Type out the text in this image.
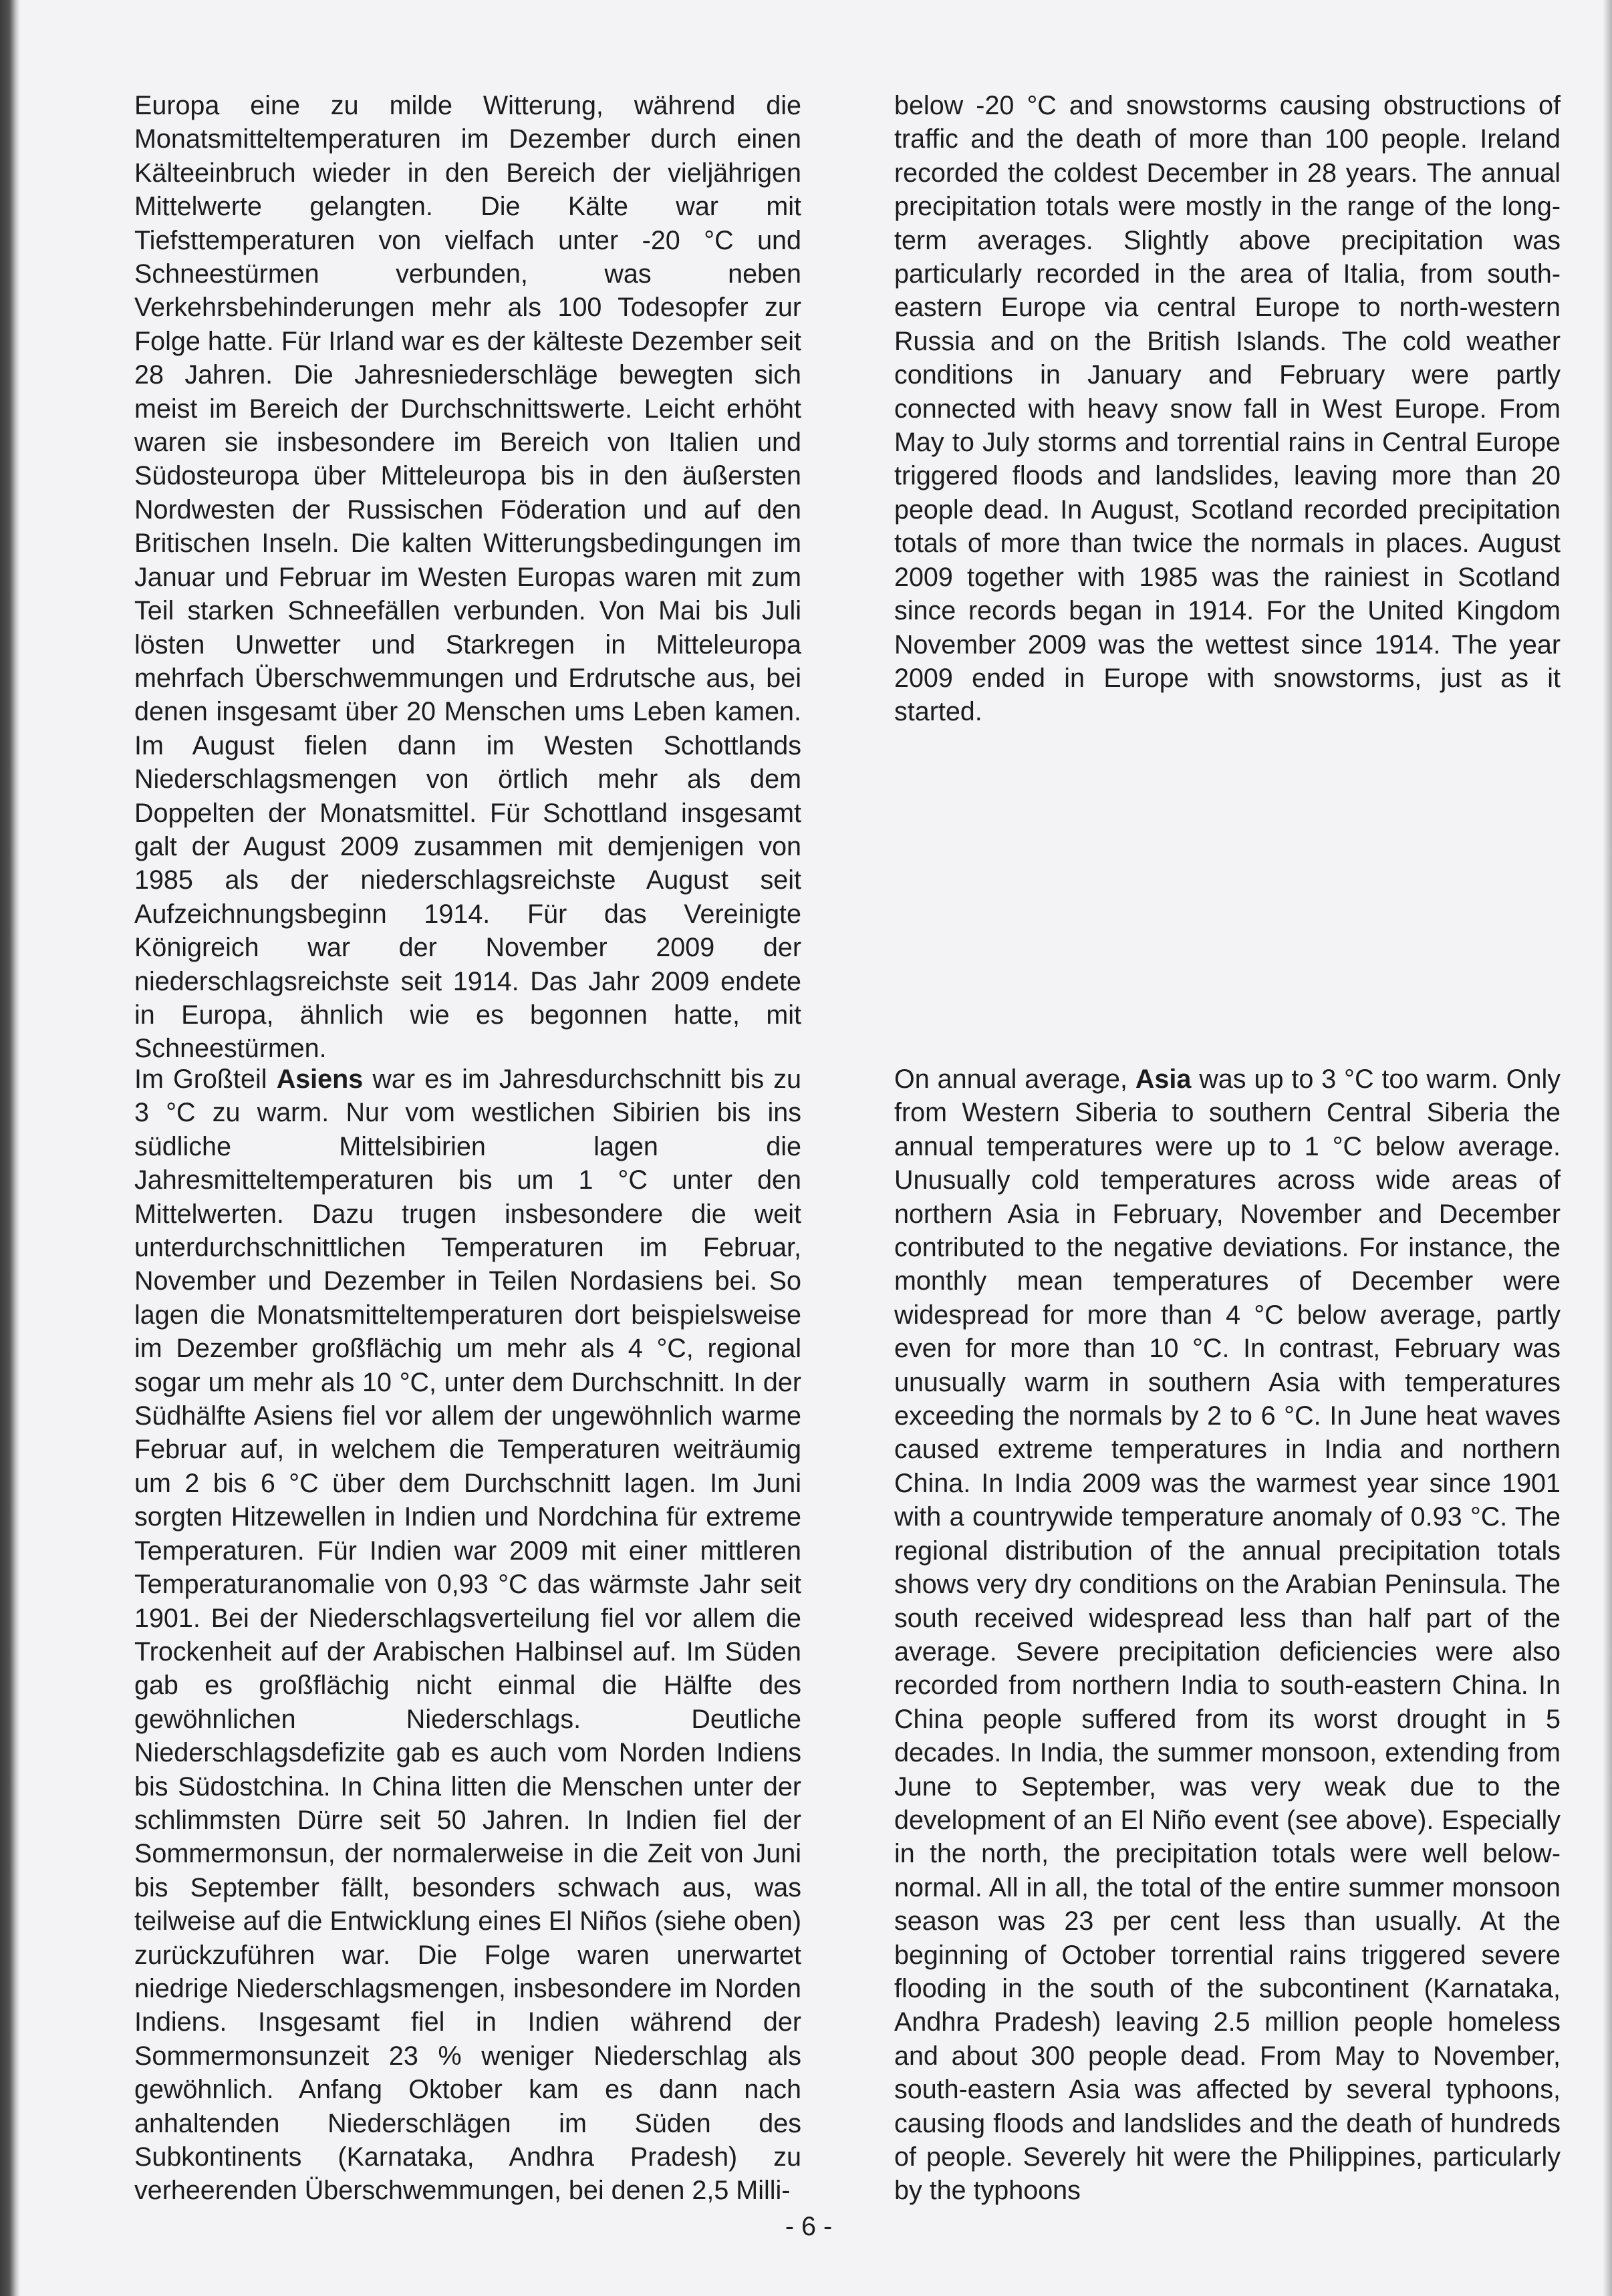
Europa eine zu milde Witterung, während die Monatsmitteltemperaturen im Dezember durch einen Kälteeinbruch wieder in den Bereich der vieljährigen Mittelwerte gelangten. Die Kälte war mit Tiefsttemperaturen von vielfach unter -20 °C und Schneestürmen verbunden, was neben Verkehrsbehinderungen mehr als 100 Todesopfer zur Folge hatte. Für Irland war es der kälteste Dezember seit 28 Jahren. Die Jahresniederschläge bewegten sich meist im Bereich der Durchschnittswerte. Leicht erhöht waren sie insbesondere im Bereich von Italien und Südosteuropa über Mitteleuropa bis in den äußersten Nordwesten der Russischen Föderation und auf den Britischen Inseln. Die kalten Witterungsbedingungen im Januar und Februar im Westen Europas waren mit zum Teil starken Schneefällen verbunden. Von Mai bis Juli lösten Unwetter und Starkregen in Mitteleuropa mehrfach Überschwemmungen und Erdrutsche aus, bei denen insgesamt über 20 Menschen ums Leben kamen. Im August fielen dann im Westen Schottlands Niederschlagsmengen von örtlich mehr als dem Doppelten der Monatsmittel. Für Schottland insgesamt galt der August 2009 zusammen mit demjenigen von 1985 als der niederschlagsreichste August seit Aufzeichnungsbeginn 1914. Für das Vereinigte Königreich war der November 2009 der niederschlagsreichste seit 1914. Das Jahr 2009 endete in Europa, ähnlich wie es begonnen hatte, mit Schneestürmen.

below -20 °C and snowstorms causing obstructions of traffic and the death of more than 100 people. Ireland recorded the coldest December in 28 years. The annual precipitation totals were mostly in the range of the long-term averages. Slightly above precipitation was particularly recorded in the area of Italia, from south-eastern Europe via central Europe to north-western Russia and on the British Islands. The cold weather conditions in January and February were partly connected with heavy snow fall in West Europe. From May to July storms and torrential rains in Central Europe triggered floods and landslides, leaving more than 20 people dead. In August, Scotland recorded precipitation totals of more than twice the normals in places. August 2009 together with 1985 was the rainiest in Scotland since records began in 1914. For the United Kingdom November 2009 was the wettest since 1914. The year 2009 ended in Europe with snowstorms, just as it started.

Im Großteil Asiens war es im Jahresdurchschnitt bis zu 3 °C zu warm. Nur vom westlichen Sibirien bis ins südliche Mittelsibirien lagen die Jahresmitteltemperaturen bis um 1 °C unter den Mittelwerten. Dazu trugen insbesondere die weit unterdurchschnittlichen Temperaturen im Februar, November und Dezember in Teilen Nordasiens bei. So lagen die Monatsmitteltemperaturen dort beispielsweise im Dezember großflächig um mehr als 4 °C, regional sogar um mehr als 10 °C, unter dem Durchschnitt. In der Südhälfte Asiens fiel vor allem der ungewöhnlich warme Februar auf, in welchem die Temperaturen weiträumig um 2 bis 6 °C über dem Durchschnitt lagen. Im Juni sorgten Hitzewellen in Indien und Nordchina für extreme Temperaturen. Für Indien war 2009 mit einer mittleren Temperaturanomalie von 0,93 °C das wärmste Jahr seit 1901. Bei der Niederschlagsverteilung fiel vor allem die Trockenheit auf der Arabischen Halbinsel auf. Im Süden gab es großflächig nicht einmal die Hälfte des gewöhnlichen Niederschlags. Deutliche Niederschlagsdefizite gab es auch vom Norden Indiens bis Südostchina. In China litten die Menschen unter der schlimmsten Dürre seit 50 Jahren. In Indien fiel der Sommermonsun, der normalerweise in die Zeit von Juni bis September fällt, besonders schwach aus, was teilweise auf die Entwicklung eines El Niños (siehe oben) zurückzuführen war. Die Folge waren unerwartet niedrige Niederschlagsmengen, insbesondere im Norden Indiens. Insgesamt fiel in Indien während der Sommermonsunzeit 23 % weniger Niederschlag als gewöhnlich. Anfang Oktober kam es dann nach anhaltenden Niederschlägen im Süden des Subkontinents (Karnataka, Andhra Pradesh) zu verheerenden Überschwemmungen, bei denen 2,5 Milli-

On annual average, Asia was up to 3 °C too warm. Only from Western Siberia to southern Central Siberia the annual temperatures were up to 1 °C below average. Unusually cold temperatures across wide areas of northern Asia in February, November and December contributed to the negative deviations. For instance, the monthly mean temperatures of December were widespread for more than 4 °C below average, partly even for more than 10 °C. In contrast, February was unusually warm in southern Asia with temperatures exceeding the normals by 2 to 6 °C. In June heat waves caused extreme temperatures in India and northern China. In India 2009 was the warmest year since 1901 with a countrywide temperature anomaly of 0.93 °C. The regional distribution of the annual precipitation totals shows very dry conditions on the Arabian Peninsula. The south received widespread less than half part of the average. Severe precipitation deficiencies were also recorded from northern India to south-eastern China. In China people suffered from its worst drought in 5 decades. In India, the summer monsoon, extending from June to September, was very weak due to the development of an El Niño event (see above). Especially in the north, the precipitation totals were well below-normal. All in all, the total of the entire summer monsoon season was 23 per cent less than usually. At the beginning of October torrential rains triggered severe flooding in the south of the subcontinent (Karnataka, Andhra Pradesh) leaving 2.5 million people homeless and about 300 people dead. From May to November, south-eastern Asia was affected by several typhoons, causing floods and landslides and the death of hundreds of people. Severely hit were the Philippines, particularly by the typhoons

- 6 -
